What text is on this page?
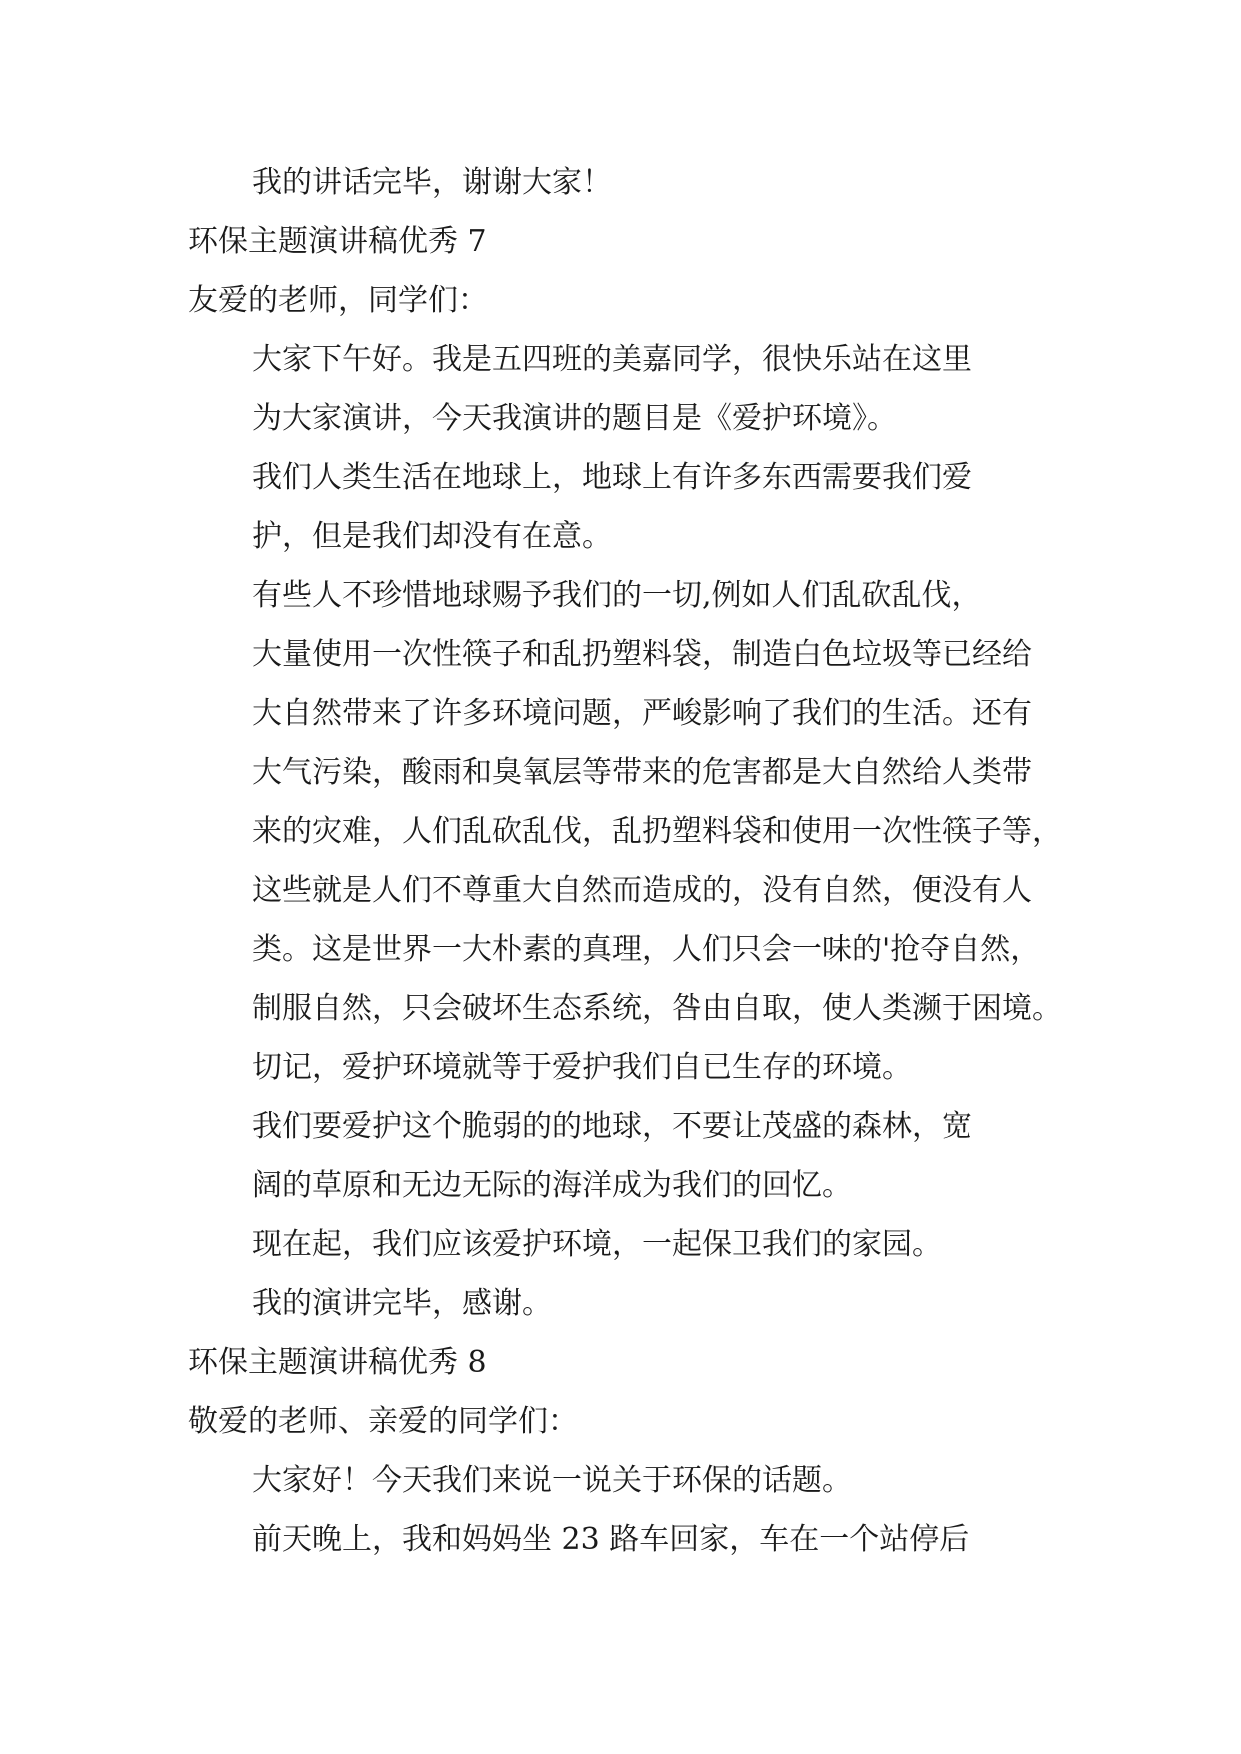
我的讲话完毕，谢谢大家！
环保主题演讲稿优秀 7
友爱的老师，同学们：
大家下午好。我是五四班的美嘉同学，很快乐站在这里
为大家演讲，今天我演讲的题目是《爱护环境》。
我们人类生活在地球上，地球上有许多东西需要我们爱
护，但是我们却没有在意。
有些人不珍惜地球赐予我们的一切,例如人们乱砍乱伐，
大量使用一次性筷子和乱扔塑料袋，制造白色垃圾等已经给
大自然带来了许多环境问题，严峻影响了我们的生活。还有
大气污染，酸雨和臭氧层等带来的危害都是大自然给人类带
来的灾难，人们乱砍乱伐，乱扔塑料袋和使用一次性筷子等，
这些就是人们不尊重大自然而造成的，没有自然，便没有人
类。这是世界一大朴素的真理，人们只会一味的'抢夺自然，
制服自然，只会破坏生态系统，咎由自取，使人类濒于困境。
切记，爱护环境就等于爱护我们自已生存的环境。
我们要爱护这个脆弱的的地球，不要让茂盛的森林，宽
阔的草原和无边无际的海洋成为我们的回忆。
现在起，我们应该爱护环境，一起保卫我们的家园。
我的演讲完毕，感谢。
环保主题演讲稿优秀 8
敬爱的老师、亲爱的同学们：
大家好！今天我们来说一说关于环保的话题。
前天晚上，我和妈妈坐 23 路车回家，车在一个站停后
